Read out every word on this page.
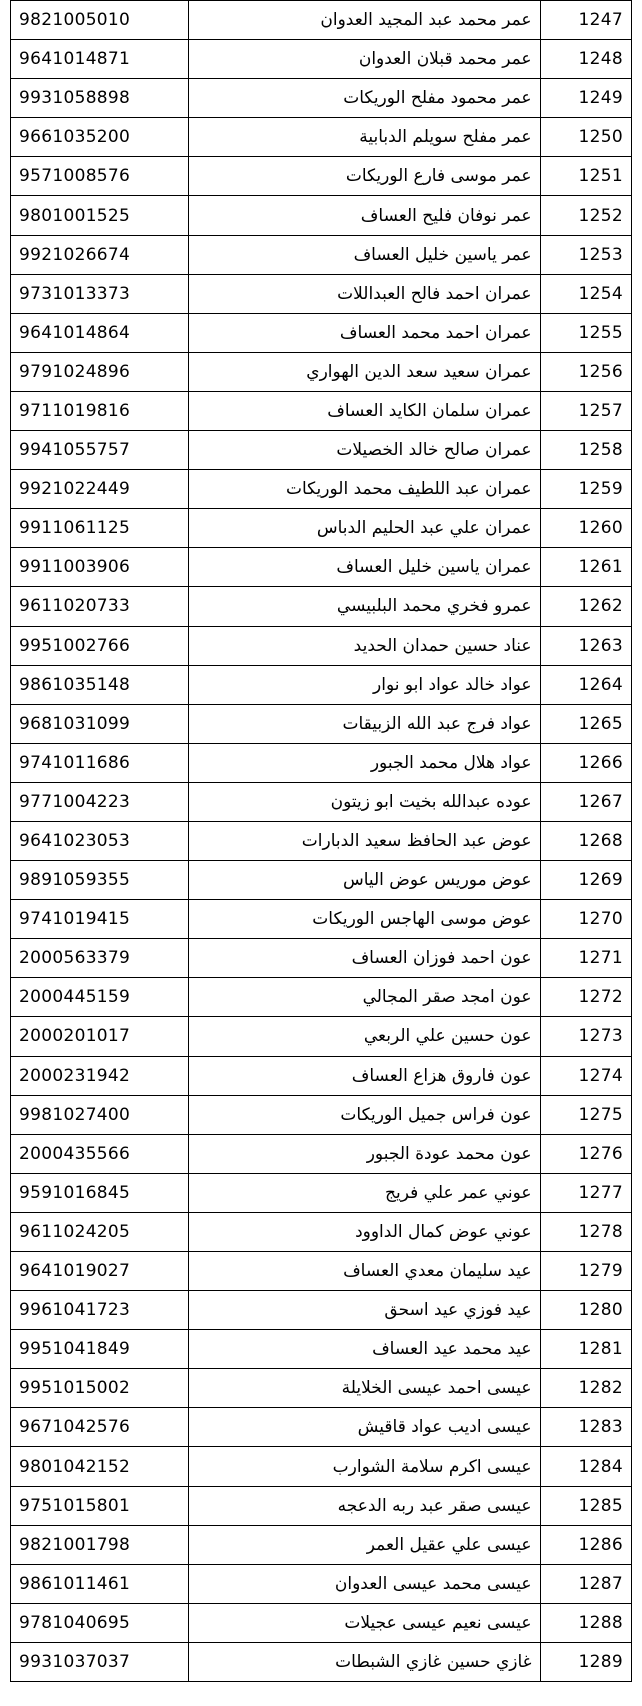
9821005010	عمر محمد عبد المجيد العدوان	1247
9641014871	عمر محمد قبلان العدوان	1248
9931058898	عمر محمود مفلح الوريكات	1249
9661035200	عمر مفلح سويلم الدبابية	1250
9571008576	عمر موسى فارع الوريكات	1251
9801001525	عمر نوفان فليح العساف	1252
9921026674	عمر ياسين خليل العساف	1253
9731013373	عمران احمد فالح العبداللات	1254
9641014864	عمران احمد محمد العساف	1255
9791024896	عمران سعيد سعد الدين الهواري	1256
9711019816	عمران سلمان الكايد العساف	1257
9941055757	عمران صالح خالد الخصيلات	1258
9921022449	عمران عبد اللطيف محمد الوريكات	1259
9911061125	عمران علي عبد الحليم الدباس	1260
9911003906	عمران ياسين خليل العساف	1261
9611020733	عمرو فخري محمد البلبيسي	1262
9951002766	عناد حسين حمدان الحديد	1263
9861035148	عواد خالد عواد ابو نوار	1264
9681031099	عواد فرج عبد الله الزبيقات	1265
9741011686	عواد هلال محمد الجبور	1266
9771004223	عوده عبدالله بخيت ابو زيتون	1267
9641023053	عوض عبد الحافظ سعيد الدبارات	1268
9891059355	عوض موريس عوض الياس	1269
9741019415	عوض موسى الهاجس الوريكات	1270
2000563379	عون احمد فوزان العساف	1271
2000445159	عون امجد صقر المجالي	1272
2000201017	عون حسين علي الربعي	1273
2000231942	عون فاروق هزاع العساف	1274
9981027400	عون فراس جميل الوريكات	1275
2000435566	عون محمد عودة الجبور	1276
9591016845	عوني عمر علي فريج	1277
9611024205	عوني عوض كمال الداوود	1278
9641019027	عيد سليمان معدي العساف	1279
9961041723	عيد فوزي عيد اسحق	1280
9951041849	عيد محمد عيد العساف	1281
9951015002	عيسى احمد عيسى الخلايلة	1282
9671042576	عيسى اديب عواد قاقيش	1283
9801042152	عيسى اكرم سلامة الشوارب	1284
9751015801	عيسى صقر عبد ربه الدعجه	1285
9821001798	عيسى علي عقيل العمر	1286
9861011461	عيسى محمد عيسى العدوان	1287
9781040695	عيسى نعيم عيسى عجيلات	1288
9931037037	غازي حسين غازي الشبطات	1289
